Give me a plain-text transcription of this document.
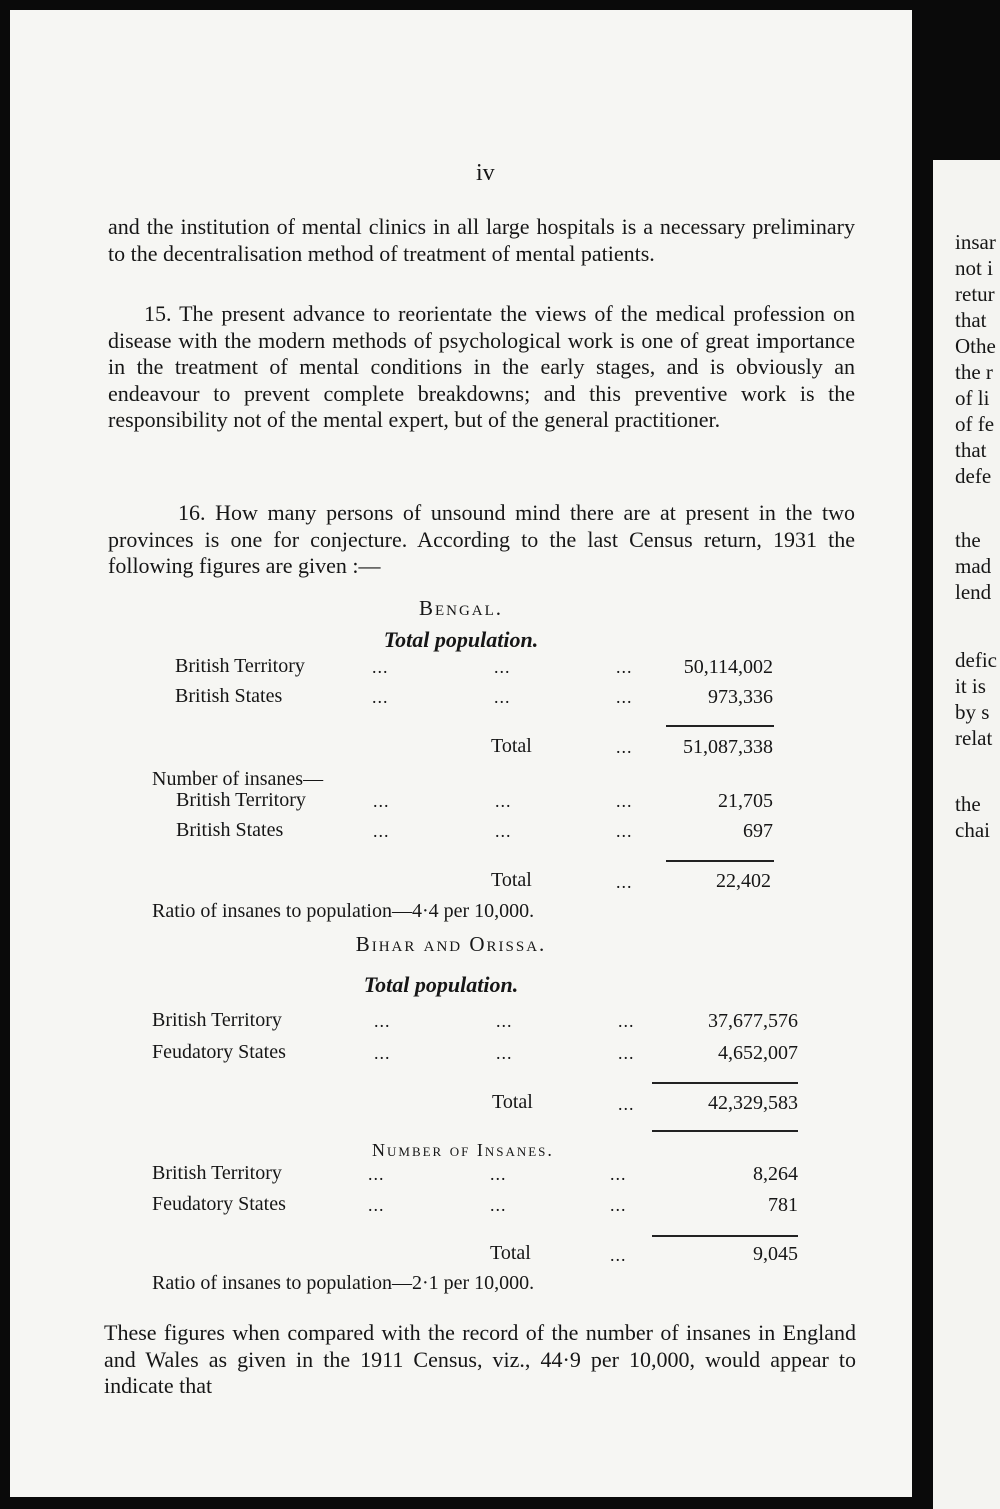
iv
and the institution of mental clinics in all large hospitals is a necessary preliminary to the decentralisation method of treatment of mental patients.
15. The present advance to reorientate the views of the medical profession on disease with the modern methods of psychological work is one of great importance in the treatment of mental conditions in the early stages, and is obviously an endeavour to prevent complete breakdowns; and this preventive work is the responsibility not of the mental expert, but of the general practitioner.
16. How many persons of unsound mind there are at present in the two provinces is one for conjecture. According to the last Census return, 1931 the following figures are given :—
Bengal.
Total population.
British Territory	...	...	...	50,114,002
British States	...	...	...	973,336
Total	...	51,087,338
Number of insanes—
British Territory	...	...	...	21,705
British States	...	...	...	697
Total	...	22,402
Ratio of insanes to population—4·4 per 10,000.
Bihar and Orissa.
Total population.
British Territory	...	...	...	37,677,576
Feudatory States	...	...	...	4,652,007
Total	...	42,329,583
Number of Insanes.
British Territory	...	...	...	8,264
Feudatory States	...	...	...	781
Total	...	9,045
Ratio of insanes to population—2·1 per 10,000.
These figures when compared with the record of the number of insanes in England and Wales as given in the 1911 Census, viz., 44·9 per 10,000, would appear to indicate that
insar
not i
retur
that
Othe
the r
of li
of fe
that
defe
the
mad
lend
defic
it is
by s
relat
the
chai
